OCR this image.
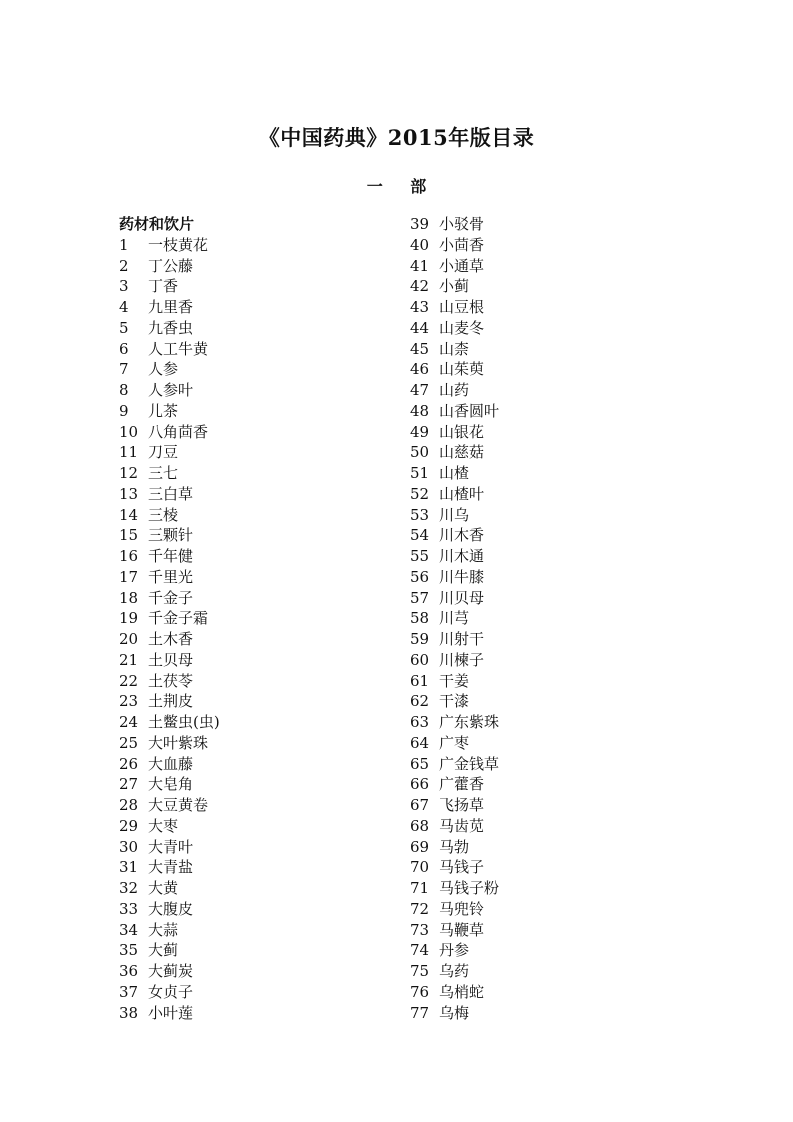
《中国药典》2015年版目录
一 部
药材和饮片
1 一枝黄花
2 丁公藤
3 丁香
4 九里香
5 九香虫
6 人工牛黄
7 人参
8 人参叶
9 儿茶
10 八角茴香
11 刀豆
12 三七
13 三白草
14 三棱
15 三颗针
16 千年健
17 千里光
18 千金子
19 千金子霜
20 土木香
21 土贝母
22 土茯苓
23 土荆皮
24 土鳖虫(虫)
25 大叶紫珠
26 大血藤
27 大皂角
28 大豆黄卷
29 大枣
30 大青叶
31 大青盐
32 大黄
33 大腹皮
34 大蒜
35 大蓟
36 大蓟炭
37 女贞子
38 小叶莲
39 小驳骨
40 小茴香
41 小通草
42 小蓟
43 山豆根
44 山麦冬
45 山柰
46 山茱萸
47 山药
48 山香圆叶
49 山银花
50 山慈菇
51 山楂
52 山楂叶
53 川乌
54 川木香
55 川木通
56 川牛膝
57 川贝母
58 川芎
59 川射干
60 川楝子
61 干姜
62 干漆
63 广东紫珠
64 广枣
65 广金钱草
66 广藿香
67 飞扬草
68 马齿苋
69 马勃
70 马钱子
71 马钱子粉
72 马兜铃
73 马鞭草
74 丹参
75 乌药
76 乌梢蛇
77 乌梅
